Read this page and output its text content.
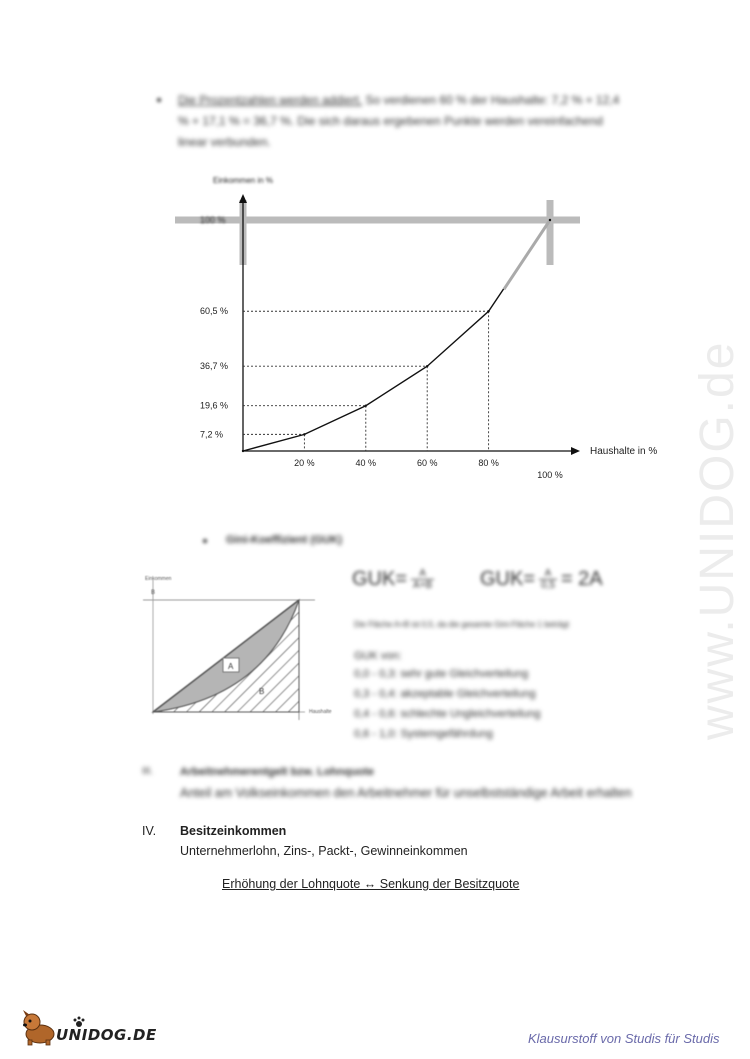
www.UNIDOG.de
Die Prozentzahlen werden addiert. So verdienen 60 % der Haushalte: 7,2 % + 12,4
% + 17,1 % = 36,7 %. Die sich daraus ergebenen Punkte werden vereinfachend
linear verbunden.
Einkommen in %
Haushalte in %
100 %
60,5 %
36,7 %
19,6 %
7,2 %
20 %	40 %	60 %	80 %
100 %
Gini-Koeffizient (GUK)
A
B
Einkommen
B
Haushalte
$GUK= \frac{A}{A+B} GUK= \frac{A}{0,5} = 2A$
Die Fläche A+B ist 0,5, da die gesamte Gini-Fläche 1 beträgt
GUK von:
0,0 - 0,3: sehr gute Gleichverteilung
0,3 - 0,4: akzeptable Gleichverteilung
0,4 - 0,6: schlechte Ungleichverteilung
0,6 - 1,0: Systemgefährdung
III. Arbeitnehmerentgelt bzw. Lohnquote
Anteil am Volkseinkommen den Arbeitnehmer für unselbstständige Arbeit erhalten
IV. Besitzeinkommen
Unternehmerlohn, Zins-, Packt-, Gewinneinkommen
Erhöhung der Lohnquote ↔ Senkung der Besitzquote
UNIDOG.DE	Klausurstoff von Studis für Studis
